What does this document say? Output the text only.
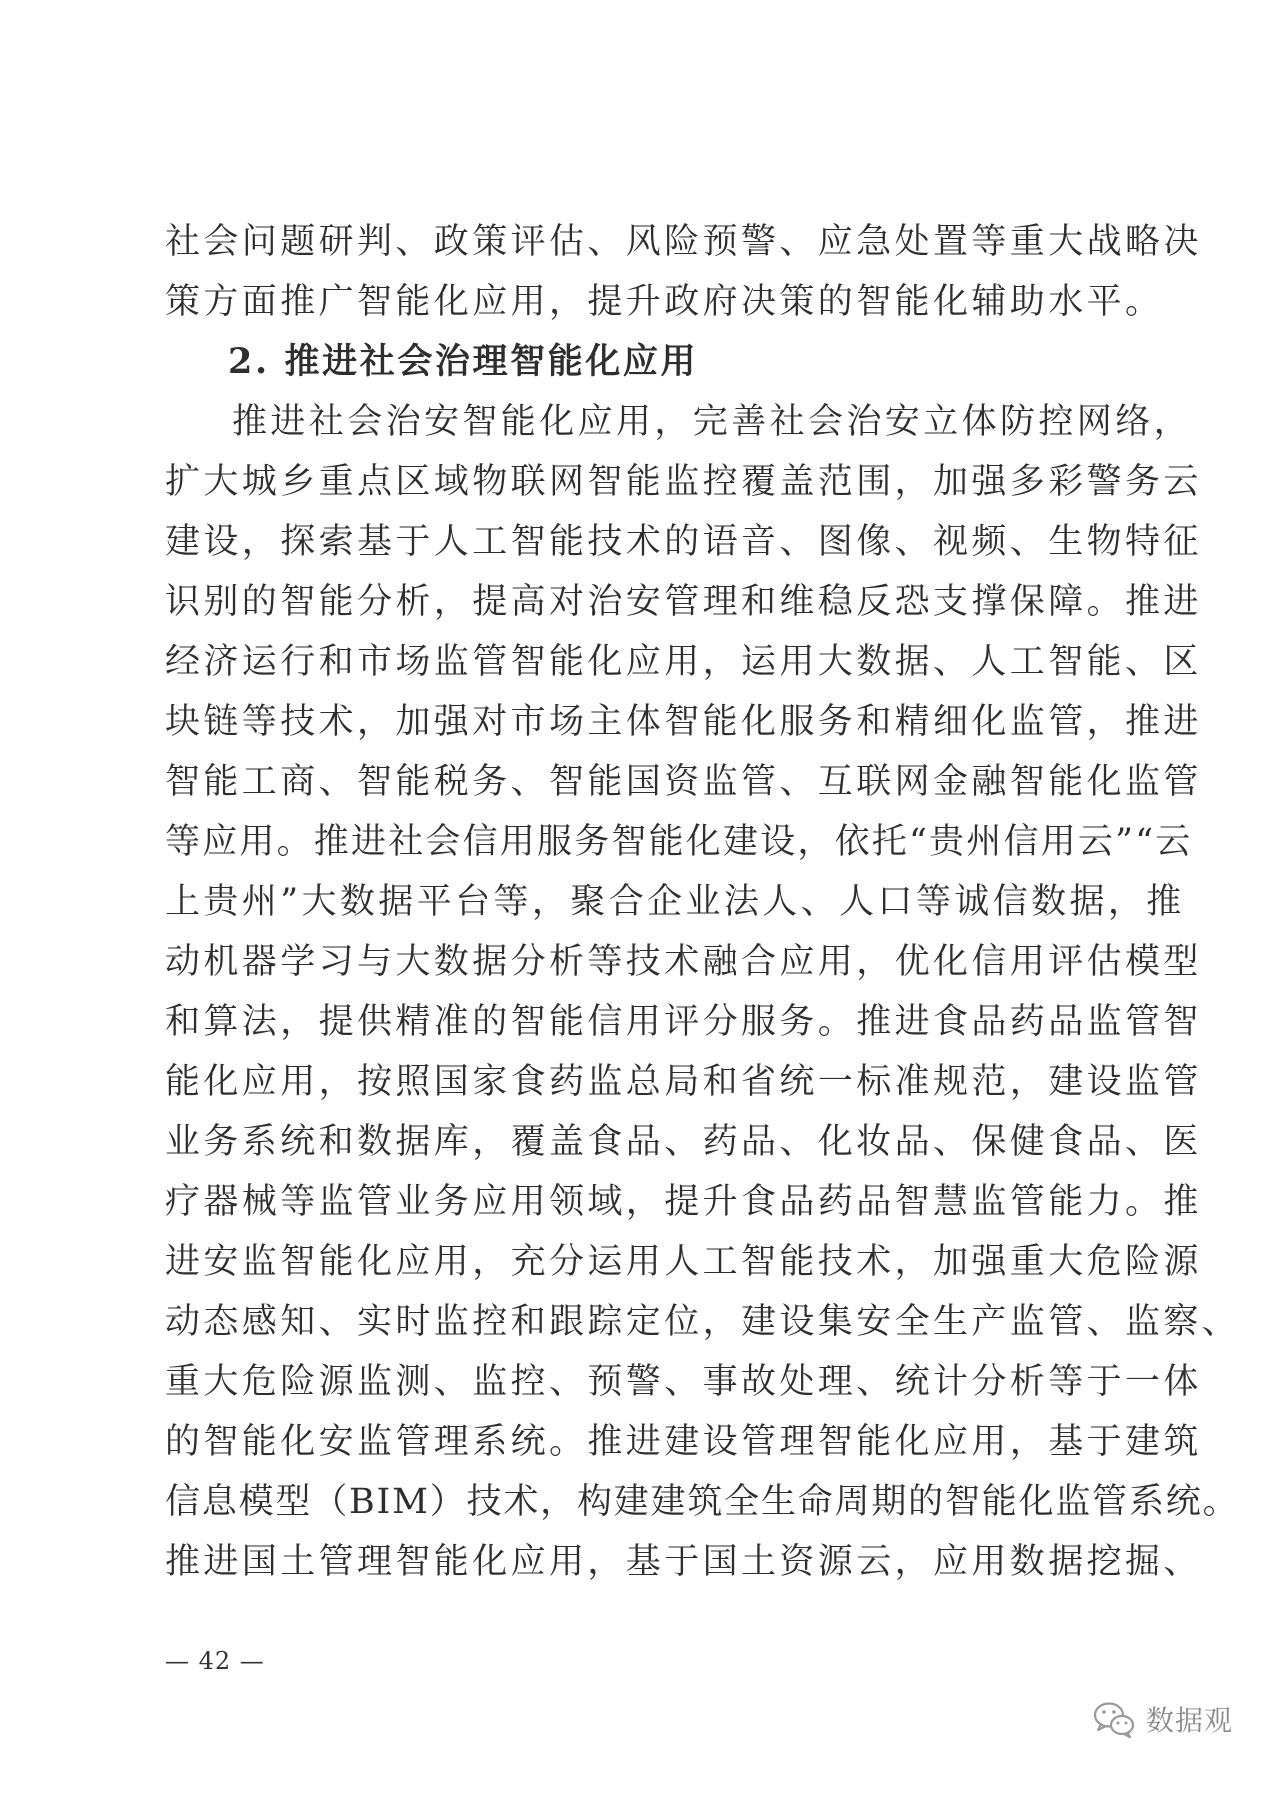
社会问题研判、政策评估、风险预警、应急处置等重大战略决
策方面推广智能化应用，提升政府决策的智能化辅助水平。
2. 推进社会治理智能化应用
推进社会治安智能化应用，完善社会治安立体防控网络，
扩大城乡重点区域物联网智能监控覆盖范围，加强多彩警务云
建设，探索基于人工智能技术的语音、图像、视频、生物特征
识别的智能分析，提高对治安管理和维稳反恐支撑保障。推进
经济运行和市场监管智能化应用，运用大数据、人工智能、区
块链等技术，加强对市场主体智能化服务和精细化监管，推进
智能工商、智能税务、智能国资监管、互联网金融智能化监管
等应用。推进社会信用服务智能化建设，依托“贵州信用云”“云
上贵州”大数据平台等，聚合企业法人、人口等诚信数据，推
动机器学习与大数据分析等技术融合应用，优化信用评估模型
和算法，提供精准的智能信用评分服务。推进食品药品监管智
能化应用，按照国家食药监总局和省统一标准规范，建设监管
业务系统和数据库，覆盖食品、药品、化妆品、保健食品、医
疗器械等监管业务应用领域，提升食品药品智慧监管能力。推
进安监智能化应用，充分运用人工智能技术，加强重大危险源
动态感知、实时监控和跟踪定位，建设集安全生产监管、监察、
重大危险源监测、监控、预警、事故处理、统计分析等于一体
的智能化安监管理系统。推进建设管理智能化应用，基于建筑
信息模型（BIM）技术，构建建筑全生命周期的智能化监管系统。
推进国土管理智能化应用，基于国土资源云，应用数据挖掘、
— 42 —
数据观
